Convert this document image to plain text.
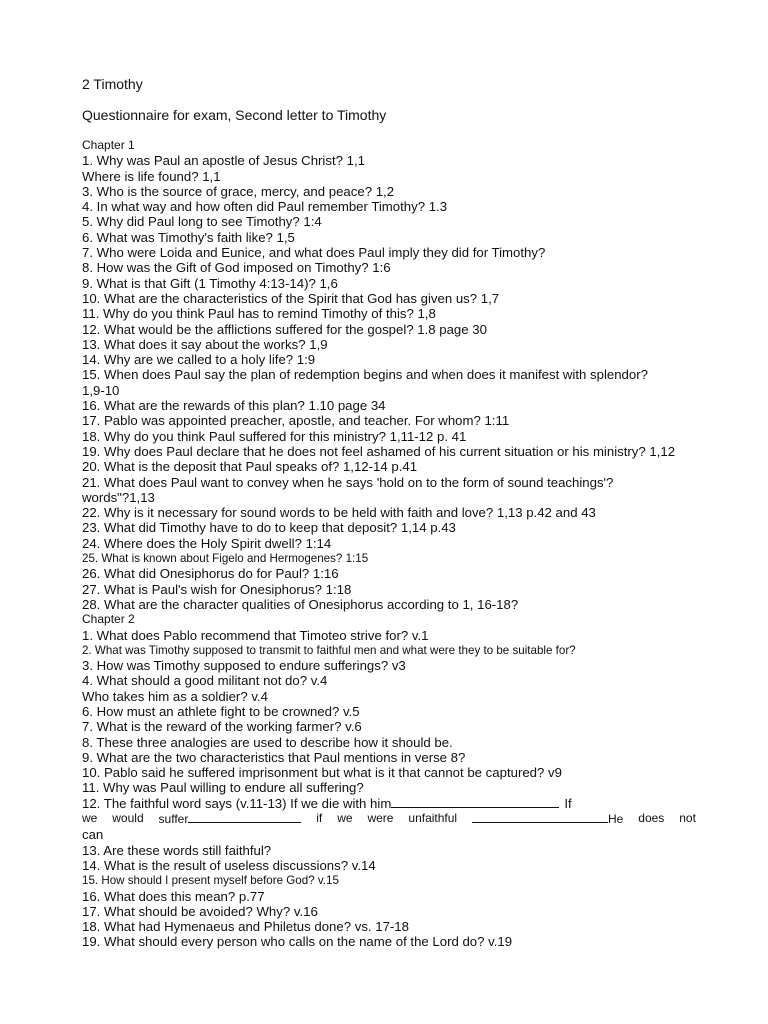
2 Timothy

Questionnaire for exam, Second letter to Timothy

Chapter 1
1. Why was Paul an apostle of Jesus Christ? 1,1
Where is life found? 1,1
3. Who is the source of grace, mercy, and peace? 1,2
4. In what way and how often did Paul remember Timothy? 1.3
5. Why did Paul long to see Timothy? 1:4
6. What was Timothy's faith like? 1,5
7. Who were Loida and Eunice, and what does Paul imply they did for Timothy?
8. How was the Gift of God imposed on Timothy? 1:6
9. What is that Gift (1 Timothy 4:13-14)? 1,6
10. What are the characteristics of the Spirit that God has given us? 1,7
11. Why do you think Paul has to remind Timothy of this? 1,8
12. What would be the afflictions suffered for the gospel? 1.8 page 30
13. What does it say about the works? 1,9
14. Why are we called to a holy life? 1:9
15. When does Paul say the plan of redemption begins and when does it manifest with splendor?
1,9-10
16. What are the rewards of this plan? 1.10 page 34
17. Pablo was appointed preacher, apostle, and teacher. For whom? 1:11
18. Why do you think Paul suffered for this ministry? 1,11-12 p. 41
19. Why does Paul declare that he does not feel ashamed of his current situation or his ministry? 1,12
20. What is the deposit that Paul speaks of? 1,12-14 p.41
21. What does Paul want to convey when he says 'hold on to the form of sound teachings'?
words"?1,13
22. Why is it necessary for sound words to be held with faith and love? 1,13 p.42 and 43
23. What did Timothy have to do to keep that deposit? 1,14 p.43
24. Where does the Holy Spirit dwell? 1:14
25. What is known about Figelo and Hermogenes? 1:15
26. What did Onesiphorus do for Paul? 1:16
27. What is Paul's wish for Onesiphorus? 1:18
28. What are the character qualities of Onesiphorus according to 1, 16-18?
Chapter 2
1. What does Pablo recommend that Timoteo strive for? v.1
2. What was Timothy supposed to transmit to faithful men and what were they to be suitable for?
3. How was Timothy supposed to endure sufferings? v3
4. What should a good militant not do? v.4
Who takes him as a soldier? v.4
6. How must an athlete fight to be crowned? v.5
7. What is the reward of the working farmer? v.6
8. These three analogies are used to describe how it should be.
9. What are the two characteristics that Paul mentions in verse 8?
10. Pablo said he suffered imprisonment but what is it that cannot be captured? v9
11. Why was Paul willing to endure all suffering?
12. The faithful word says (v.11-13) If we die with him	If
we would suffer	if we were unfaithful	He does not
can
13. Are these words still faithful?
14. What is the result of useless discussions? v.14
15. How should I present myself before God? v.15
16. What does this mean? p.77
17. What should be avoided? Why? v.16
18. What had Hymenaeus and Philetus done? vs. 17-18
19. What should every person who calls on the name of the Lord do? v.19
